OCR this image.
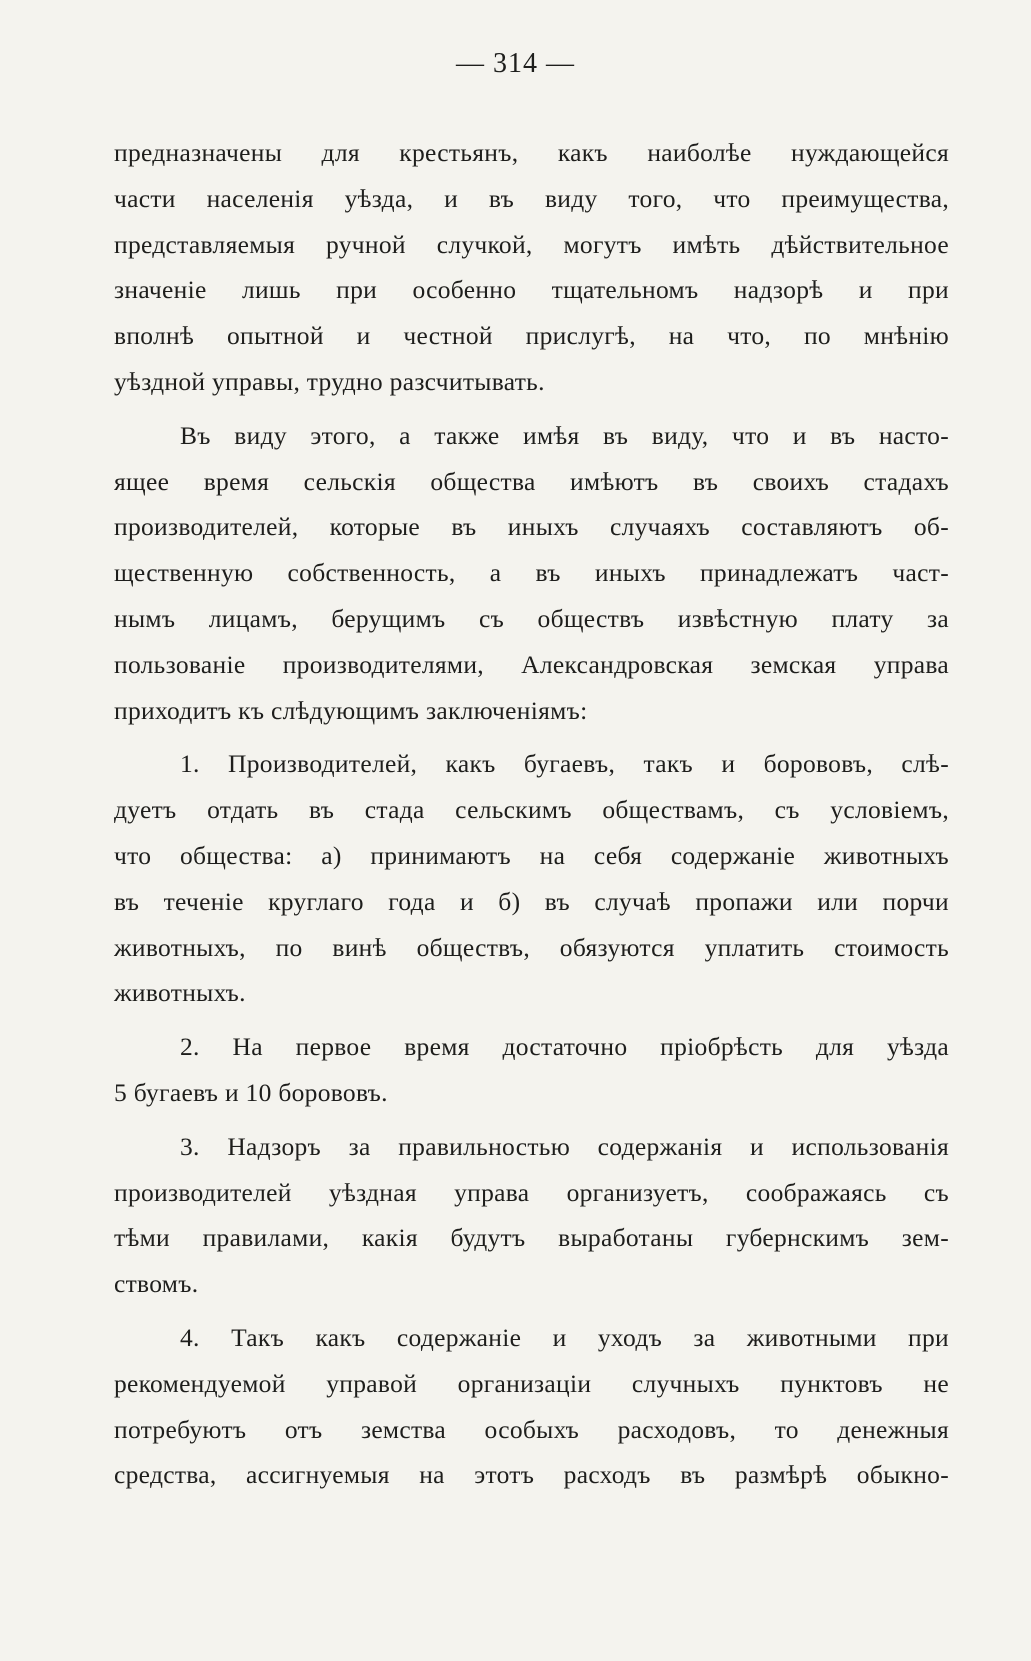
— 314 —
предназначены для крестьянъ, какъ наиболѣе нуждающейся
части населенія уѣзда, и въ виду того, что преимущества,
представляемыя ручной случкой, могутъ имѣть дѣйствительное
значеніе лишь при особенно тщательномъ надзорѣ и при
вполнѣ опытной и честной прислугѣ, на что, по мнѣнію
уѣздной управы, трудно разсчитывать.
Въ виду этого, а также имѣя въ виду, что и въ насто-
ящее время сельскія общества имѣютъ въ своихъ стадахъ
производителей, которые въ иныхъ случаяхъ составляютъ об-
щественную собственность, а въ иныхъ принадлежатъ част-
нымъ лицамъ, берущимъ съ обществъ извѣстную плату за
пользованіе производителями, Александровская земская управа
приходитъ къ слѣдующимъ заключеніямъ:
1. Производителей, какъ бугаевъ, такъ и борововъ, слѣ-
дуетъ отдать въ стада сельскимъ обществамъ, съ условіемъ,
что общества: а) принимаютъ на себя содержаніе животныхъ
въ теченіе круглаго года и б) въ случаѣ пропажи или порчи
животныхъ, по винѣ обществъ, обязуются уплатить стоимость
животныхъ.
2. На первое время достаточно пріобрѣсть для уѣзда
5 бугаевъ и 10 борововъ.
3. Надзоръ за правильностью содержанія и использованія
производителей уѣздная управа организуетъ, соображаясь съ
тѣми правилами, какія будутъ выработаны губернскимъ зем-
ствомъ.
4. Такъ какъ содержаніе и уходъ за животными при
рекомендуемой управой организаціи случныхъ пунктовъ не
потребуютъ отъ земства особыхъ расходовъ, то денежныя
средства, ассигнуемыя на этотъ расходъ въ размѣрѣ обыкно-
